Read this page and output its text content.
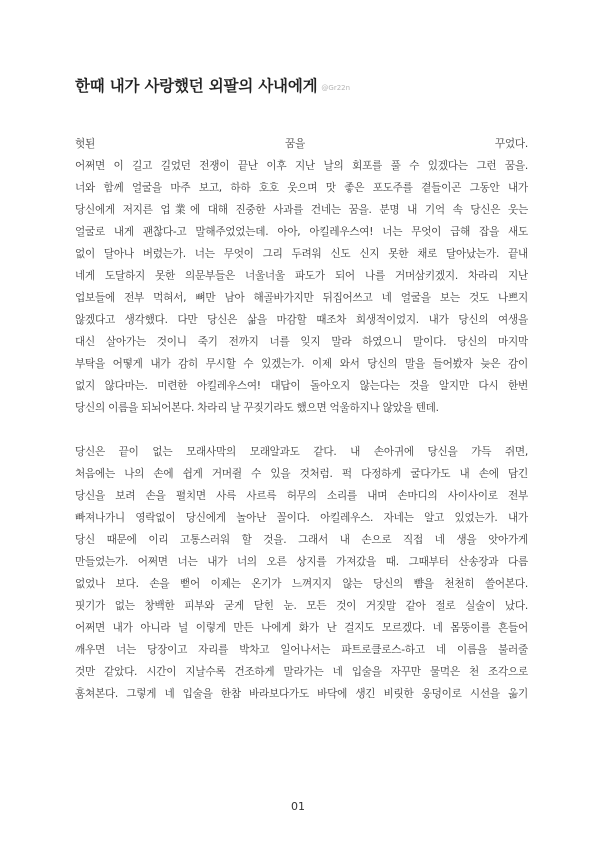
한때 내가 사랑했던 외팔의 사내에게 @Gr22n
헛된 꿈을 꾸었다.
어쩌면 이 길고 길었던 전쟁이 끝난 이후 지난 날의 회포를 풀 수 있겠다는 그런 꿈을.
너와 함께 얼굴을 마주 보고, 하하 호호 웃으며 맛 좋은 포도주를 곁들이곤 그동안 내가
당신에게 저지른 업業에 대해 진중한 사과를 건네는 꿈을. 분명 내 기억 속 당신은 웃는
얼굴로 내게 괜찮다-고 말해주었었는데. 아아, 아킬레우스여! 너는 무엇이 급해 잡을 새도
없이 달아나 버렸는가. 너는 무엇이 그리 두려워 신도 신지 못한 채로 달아났는가. 끝내
네게 도달하지 못한 의문부들은 너울너울 파도가 되어 나를 거머삼키겠지. 차라리 지난
업보들에 전부 먹혀서, 뼈만 남아 해골바가지만 뒤집어쓰고 네 얼굴을 보는 것도 나쁘지
않겠다고 생각했다. 다만 당신은 삶을 마감할 때조차 희생적이었지. 내가 당신의 여생을
대신 살아가는 것이니 죽기 전까지 너를 잊지 말라 하였으니 말이다. 당신의 마지막
부탁을 어떻게 내가 감히 무시할 수 있겠는가. 이제 와서 당신의 말을 들어봤자 늦은 감이
없지 않다마는. 미련한 아킬레우스여! 대답이 돌아오지 않는다는 것을 알지만 다시 한번
당신의 이름을 되뇌어본다. 차라리 날 꾸짖기라도 했으면 억울하지나 않았을 텐데.
당신은 끝이 없는 모래사막의 모래알과도 같다. 내 손아귀에 당신을 가득 쥐면,
처음에는 나의 손에 쉽게 거머쥘 수 있을 것처럼. 퍽 다정하게 굴다가도 내 손에 담긴
당신을 보려 손을 펼치면 사륵 사르륵 허무의 소리를 내며 손마디의 사이사이로 전부
빠져나가니 영락없이 당신에게 놀아난 꼴이다. 아킬레우스. 자네는 알고 있었는가. 내가
당신 때문에 이리 고통스러워 할 것을. 그래서 내 손으로 직접 네 생을 앗아가게
만들었는가. 어쩌면 너는 내가 너의 오른 상지를 가져갔을 때. 그때부터 산송장과 다름
없었나 보다. 손을 뻗어 이제는 온기가 느껴지지 않는 당신의 뺨을 천천히 쓸어본다.
핏기가 없는 창백한 피부와 굳게 닫힌 눈. 모든 것이 거짓말 같아 절로 실술이 났다.
어쩌면 내가 아니라 널 이렇게 만든 나에게 화가 난 걸지도 모르겠다. 네 몸뚱이를 흔들어
깨우면 너는 당장이고 자리를 박차고 일어나서는 파트로클로스-하고 네 이름을 불러줄
것만 같았다. 시간이 지날수록 건조하게 말라가는 네 입술을 자꾸만 물먹은 천 조각으로
훔쳐본다. 그렇게 네 입술을 한참 바라보다가도 바닥에 생긴 비릿한 웅덩이로 시선을 옮기
01
